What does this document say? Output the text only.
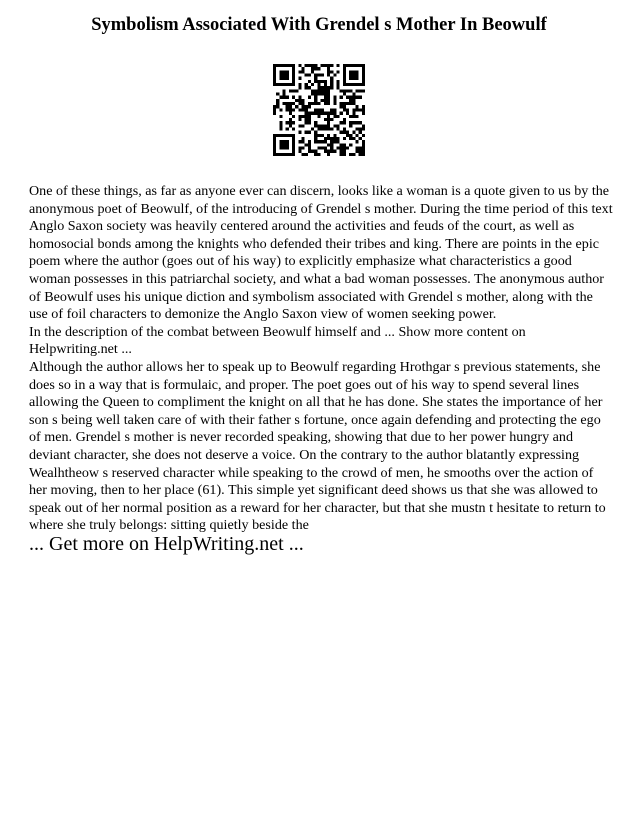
Symbolism Associated With Grendel s Mother In Beowulf

One of these things, as far as anyone ever can discern, looks like a woman is a quote given to us by the anonymous poet of Beowulf, of the introducing of Grendel s mother. During the time period of this text Anglo Saxon society was heavily centered around the activities and feuds of the court, as well as homosocial bonds among the knights who defended their tribes and king. There are points in the epic poem where the author (goes out of his way) to explicitly emphasize what characteristics a good woman possesses in this patriarchal society, and what a bad woman possesses. The anonymous author of Beowulf uses his unique diction and symbolism associated with Grendel s mother, along with the use of foil characters to demonize the Anglo Saxon view of women seeking power.

In the description of the combat between Beowulf himself and ... Show more content on Helpwriting.net ...

Although the author allows her to speak up to Beowulf regarding Hrothgar s previous statements, she does so in a way that is formulaic, and proper. The poet goes out of his way to spend several lines allowing the Queen to compliment the knight on all that he has done. She states the importance of her son s being well taken care of with their father s fortune, once again defending and protecting the ego of men. Grendel s mother is never recorded speaking, showing that due to her power hungry and deviant character, she does not deserve a voice. On the contrary to the author blatantly expressing Wealhtheow s reserved character while speaking to the crowd of men, he smooths over the action of her moving, then to her place (61). This simple yet significant deed shows us that she was allowed to speak out of her normal position as a reward for her character, but that she mustn t hesitate to return to where she truly belongs: sitting quietly beside the

... Get more on HelpWriting.net ...
